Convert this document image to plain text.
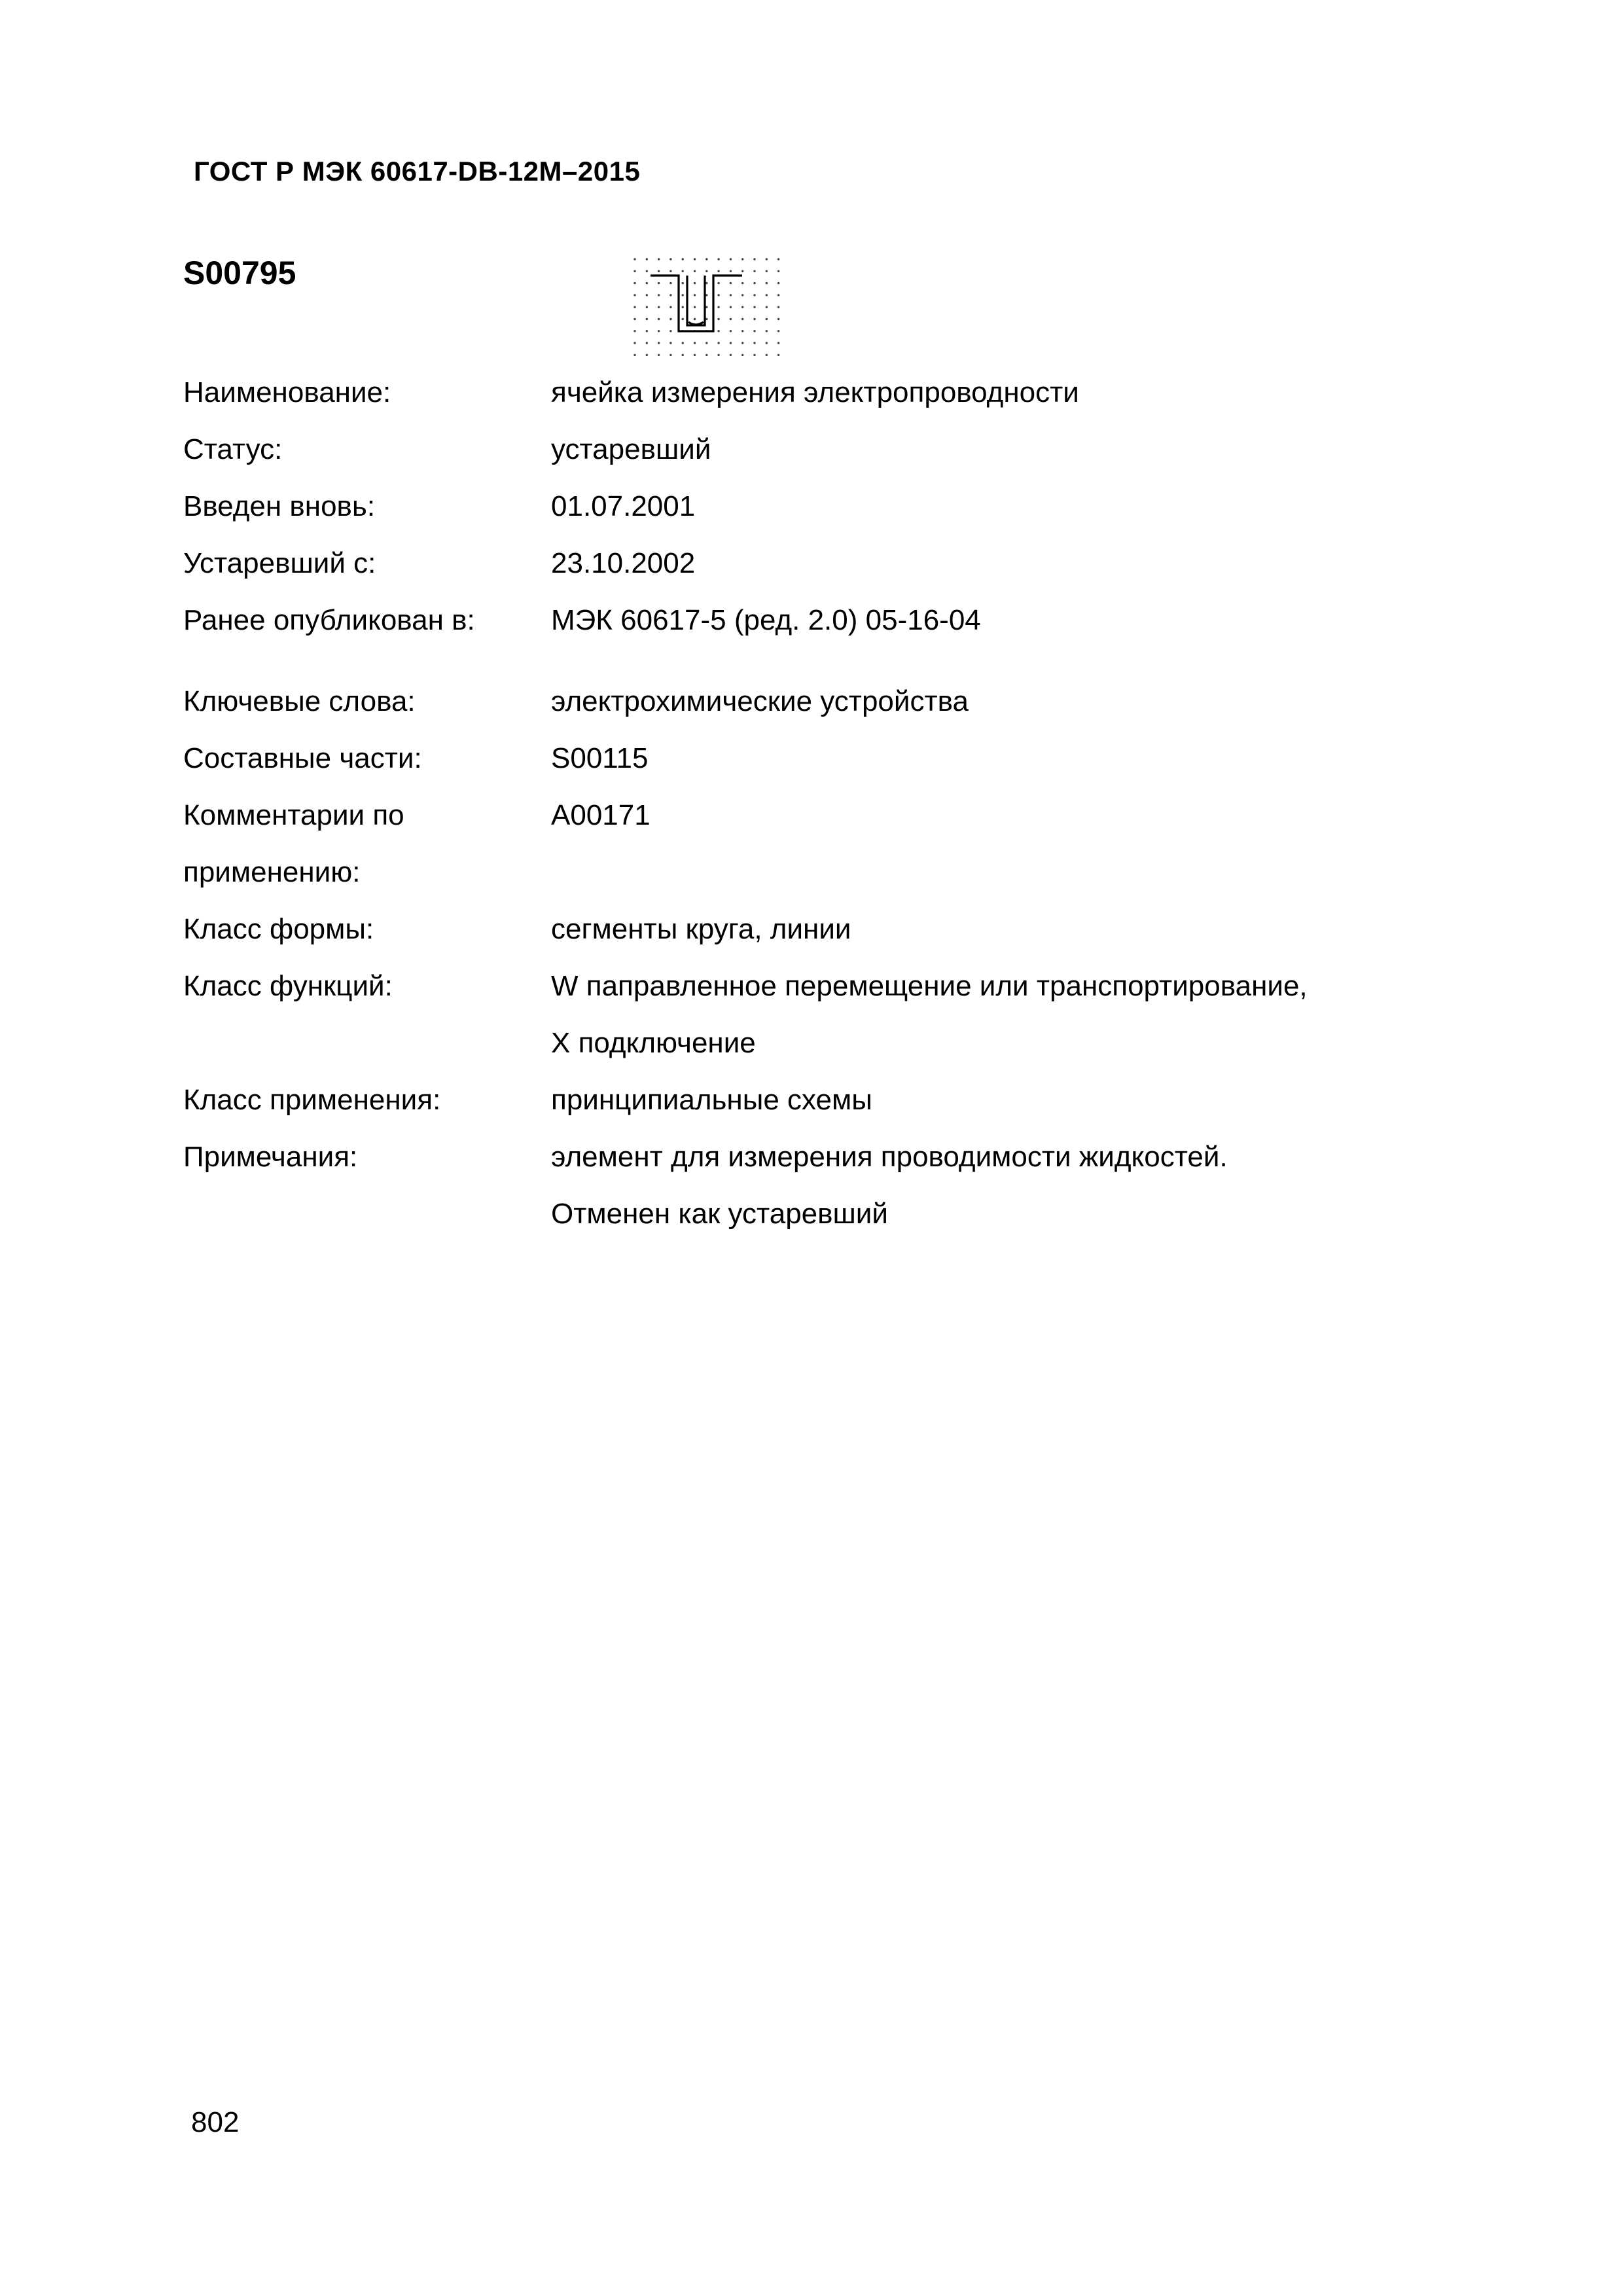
ГОСТ Р МЭК 60617-DB-12M–2015
S00795
Наименование:	ячейка измерения электропроводности
Статус:	устаревший
Введен вновь:	01.07.2001
Устаревший с:	23.10.2002
Ранее опубликован в:	МЭК 60617-5 (ред. 2.0) 05-16-04
Ключевые слова:	электрохимические устройства
Составные части:	S00115
Комментарии по	A00171
применению:
Класс формы:	сегменты круга, линии
Класс функций:	W паправленное перемещение или транспортирование,
X подключение
Класс применения:	принципиальные схемы
Примечания:	элемент для измерения проводимости жидкостей.
Отменен как устаревший
802
